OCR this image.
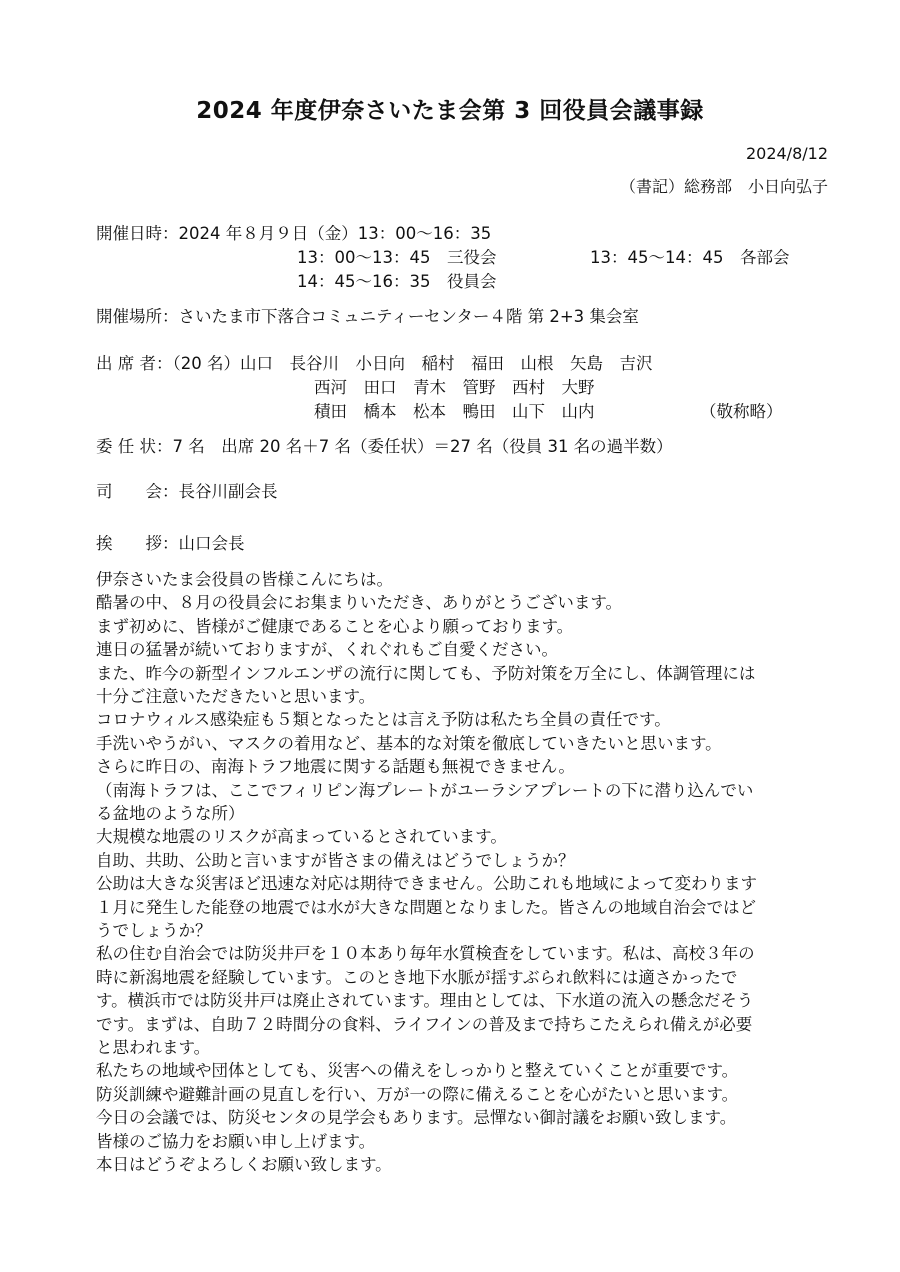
2024 年度伊奈さいたま会第 3 回役員会議事録
2024/8/12
（書記）総務部　小日向弘子
開催日時：2024 年８月９日（金）13：00〜16：35
13：00〜13：45　三役会	13：45〜14：45　各部会
14：45〜16：35　役員会
開催場所：さいたま市下落合コミュニティーセンター４階 第 2+3 集会室
出 席 者：（20 名）山口　長谷川　小日向　稲村　福田　山根　矢島　吉沢
西河　田口　青木　管野　西村　大野
積田　橋本　松本　鴨田　山下　山内	（敬称略）
委 任 状：7 名　出席 20 名＋7 名（委任状）＝27 名（役員 31 名の過半数）
司　　会：長谷川副会長
挨　　拶：山口会長
伊奈さいたま会役員の皆様こんにちは。
酷暑の中、８月の役員会にお集まりいただき、ありがとうございます。
まず初めに、皆様がご健康であることを心より願っております。
連日の猛暑が続いておりますが、くれぐれもご自愛ください。
また、昨今の新型インフルエンザの流行に関しても、予防対策を万全にし、体調管理には
十分ご注意いただきたいと思います。
コロナウィルス感染症も５類となったとは言え予防は私たち全員の責任です。
手洗いやうがい、マスクの着用など、基本的な対策を徹底していきたいと思います。
さらに昨日の、南海トラフ地震に関する話題も無視できません。
（南海トラフは、ここでフィリピン海プレートがユーラシアプレートの下に潜り込んでい
る盆地のような所）
大規模な地震のリスクが高まっているとされています。
自助、共助、公助と言いますが皆さまの備えはどうでしょうか？
公助は大きな災害ほど迅速な対応は期待できません。公助これも地域によって変わります
１月に発生した能登の地震では水が大きな問題となりました。皆さんの地域自治会ではど
うでしょうか？
私の住む自治会では防災井戸を１０本あり毎年水質検査をしています。私は、高校３年の
時に新潟地震を経験しています。このとき地下水脈が揺すぶられ飲料には適さかったで
す。横浜市では防災井戸は廃止されています。理由としては、下水道の流入の懸念だそう
です。まずは、自助７２時間分の食料、ライフインの普及まで持ちこたえられ備えが必要
と思われます。
私たちの地域や団体としても、災害への備えをしっかりと整えていくことが重要です。
防災訓練や避難計画の見直しを行い、万が一の際に備えることを心がたいと思います。
今日の会議では、防災センタの見学会もあります。忌憚ない御討議をお願い致します。
皆様のご協力をお願い申し上げます。
本日はどうぞよろしくお願い致します。
